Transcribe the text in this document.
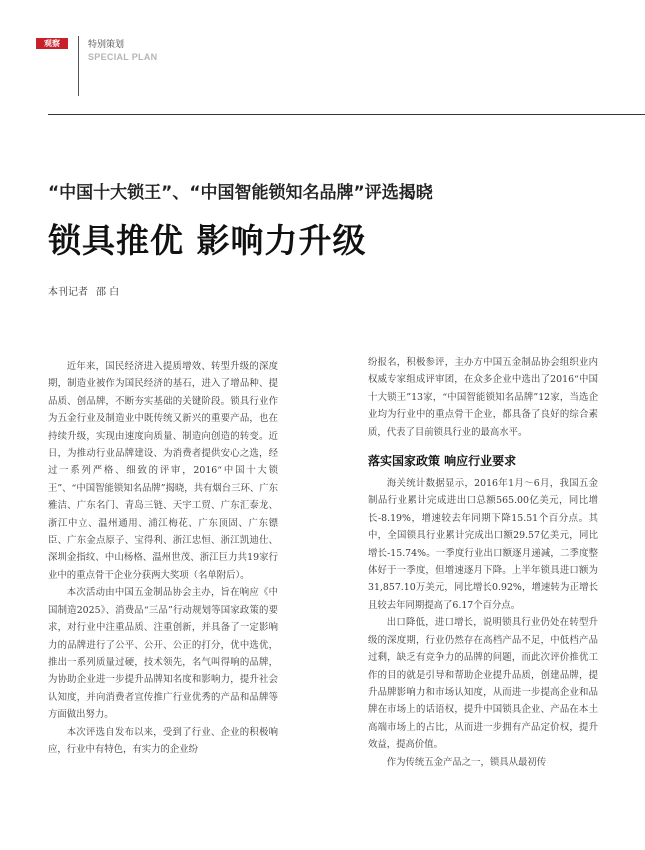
观察	特别策划
SPECIAL PLAN
“中国十大锁王”、“中国智能锁知名品牌”评选揭晓
锁具推优 影响力升级
本刊记者 邵 白

近年来，国民经济进入提质增效、转型升级的深度期，制造业被作为国民经济的基石，进入了增品种、提品质、创品牌，不断夯实基础的关键阶段。锁具行业作为五金行业及制造业中既传统又新兴的重要产品，也在持续升级，实现由速度向质量、制造向创造的转变。近日，为推动行业品牌建设、为消费者提供安心之选，经过一系列严格、细致的评审，2016“中国十大锁王”、“中国智能锁知名品牌”揭晓，共有烟台三环、广东雅洁、广东名门、青岛三链、天宇工贸、广东汇泰龙、浙江中立、温州通用、浦江梅花、广东顶固、广东镖臣、广东金点原子、宝得利、浙江忠恒、浙江凯迪仕、深圳金指纹、中山杨格、温州世茂、浙江巨力共19家行业中的重点骨干企业分获两大奖项（名单附后）。

本次活动由中国五金制品协会主办，旨在响应《中国制造2025》、消费品“三品”行动规划等国家政策的要求，对行业中注重品质、注重创新，并具备了一定影响力的品牌进行了公平、公开、公正的打分，优中选优，推出一系列质量过硬，技术领先，名气叫得响的品牌，为协助企业进一步提升品牌知名度和影响力，提升社会认知度，并向消费者宣传推广行业优秀的产品和品牌等方面做出努力。

本次评选自发布以来，受到了行业、企业的积极响应，行业中有特色，有实力的企业纷

纷报名，积极参评，主办方中国五金制品协会组织业内权威专家组成评审团，在众多企业中选出了2016“中国十大锁王”13家，“中国智能锁知名品牌”12家，当选企业均为行业中的重点骨干企业，都具备了良好的综合素质，代表了目前锁具行业的最高水平。

落实国家政策 响应行业要求

海关统计数据显示，2016年1月～6月，我国五金制品行业累计完成进出口总额565.00亿美元，同比增长-8.19%，增速较去年同期下降15.51个百分点。其中，全国锁具行业累计完成出口额29.57亿美元，同比增长-15.74%。一季度行业出口额逐月递减，二季度整体好于一季度，但增速逐月下降。上半年锁具进口额为31,857.10万美元，同比增长0.92%，增速转为正增长且较去年同期提高了6.17个百分点。

出口降低，进口增长，说明锁具行业仍处在转型升级的深度期，行业仍然存在高档产品不足，中低档产品过剩，缺乏有竞争力的品牌的问题，而此次评价推优工作的目的就是引导和帮助企业提升品质，创建品牌，提升品牌影响力和市场认知度，从而进一步提高企业和品牌在市场上的话语权，提升中国锁具企业、产品在本土高端市场上的占比，从而进一步拥有产品定价权，提升效益，提高价值。

作为传统五金产品之一，锁具从最初传
